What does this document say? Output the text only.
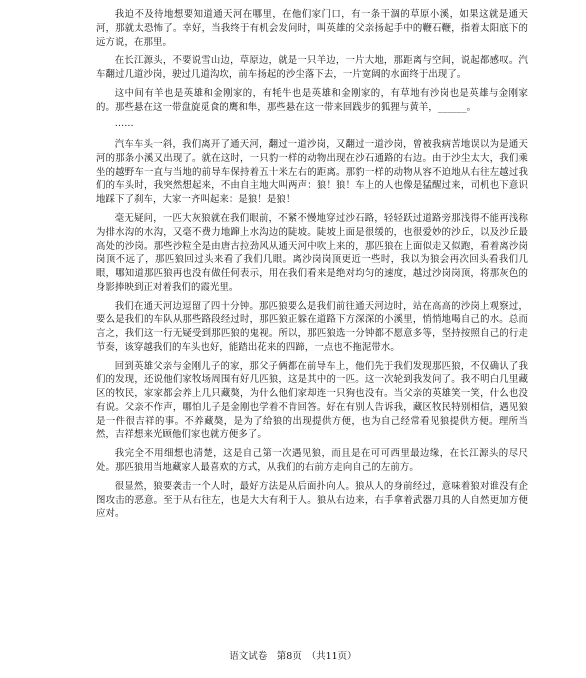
我迫不及待地想要知道通天河在哪里，在他们家门口，有一条干涸的草原小溪，如果这就是通天河，那就太恐怖了。幸好，当我终于有机会发问时，叫英雄的父亲扬起手中的鞭石鞭，指着太阳底下的远方说，在那里。

在长江源头，不要说雪山边，草原边，就是一只羊边，一片大地，那距离与空间，说起都感叹。汽车翻过几道沙岗，驶过几道沟坎，前车扬起的沙尘落下去，一片宽阔的水面终于出现了。

这中间有羊也是英雄和金刚家的，有牦牛也是英雄和金刚家的，有草地有沙岗也是英雄与金刚家的。那些悬在这一带盘旋觅食的鹰和隼，那些悬在这一带来回践步的狐狸与黄羊，______。

……

汽车车头一斜，我们离开了通天河，翻过一道沙岗，又翻过一道沙岗，曾被我病苦地误以为是通天河的那条小溪又出现了。就在这时，一只豹一样的动物出现在沙石通路的右边。由于沙尘太大，我们乘坐的越野车一直与当地的前导车保持着五十米左右的距离。那豹一样的动物从容不迫地从右往左越过我们的车头时，我突然想起来，不由自主地大叫两声：狼！狼！车上的人也像是猛醒过来，司机也下意识地踩下了刹车，大家一齐叫起来：是狼！是狼！

毫无疑问，一匹大灰狼就在我们眼前，不紧不慢地穿过沙石路，轻轻跃过道路旁那浅得不能再浅称为排水沟的水沟，又毫不费力地蹿上水沟边的陡坡。陡坡上面是很缓的，也很爱妙的沙丘，以及沙丘最高处的沙岗。那些沙粒全是由唐古拉劲风从通天河中吹上来的，那匹狼在上面似走又似跑，看着离沙岗岗顶不远了，那匹狼回过头来看了我们几眼。离沙岗岗顶更近一些时，我以为狼会再次回头看我们几眼，哪知道那匹狼再也没有做任何表示，用在我们看来是绝对均匀的速度，越过沙岗岗顶，将那灰色的身影捧映到正对着我们的霞光里。

我们在通天河边逗留了四十分钟。那匹狼要么是我们前往通天河边时，站在高高的沙岗上观察过，要么是我们的车队从那些路段经过时，那匹狼正躲在道路下方深深的小溪里，悄悄地喝自己的水。总而言之，我们这一行无疑受到那匹狼的鬼视。所以，那匹狼选一分钟都不愿意多等，坚持按照自己的行走节奏，该穿越我们的车头也好，能踏出花来的四蹄，一点也不拖泥带水。

回到英雄父亲与金刚儿子的家，那父子俩都在前导车上，他们先于我们发现那匹狼，不仅确认了我们的发现，还说他们家牧场周围有好几匹狼，这是其中的一匹。这一次轮到我发问了。我不明白几里藏区的牧民，家家都会养上几只藏獒，为什么他们家却连一只狗也没有。当父亲的英雄笑一笑，什么也没有说。父亲不作声，哪怕儿子是金刚也学着不肯回答。好在有别人告诉我，藏区牧民特别相信，遇见狼是一件很吉祥的事。不养藏獒，是为了给狼的出现提供方便，也为自己经常看见狼提供方便。理所当然，吉祥想来光顾他们家也就方便多了。

我完全不用细想也清楚，这是自己第一次遇见狼，而且是在可可西里最边缘，在长江源头的尽尺处。那匹狼用当地藏家人最喜欢的方式，从我们的右前方走向自己的左前方。

很显然，狼要袭击一个人时，最好方法是从后面扑向人。狼从人的身前经过，意味着狼对谁没有企图攻击的恶意。至于从右往左，也是大大有利于人。狼从右边来，右手拿着武器刀具的人自然更加方便应对。

语文试卷　第8页　（共11页）
